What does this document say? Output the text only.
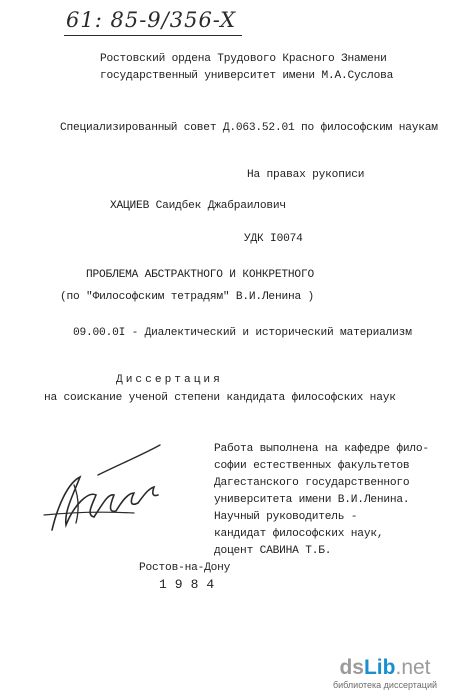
61: 85-9/356-X
Ростовский ордена Трудового Красного Знамени
государственный университет имени М.А.Суслова
Специализированный совет Д.063.52.01 по философским наукам
На правах рукописи
ХАЦИЕВ Саидбек Джабраилович
УДК I0074
ПРОБЛЕМА АБСТРАКТНОГО И КОНКРЕТНОГО
(по "Философским тетрадям" В.И.Ленина )
09.00.0I - Диалектический и исторический материализм
Диссертация
на соискание ученой степени кандидата философских наук
Работа выполнена на кафедре фило-
софии естественных факультетов
Дагестанского государственного
университета имени В.И.Ленина.
Научный руководитель -
кандидат философских наук,
доцент САВИНА Т.Б.
Ростов-на-Дону
1984
dsLib.net
библиотека диссертаций
